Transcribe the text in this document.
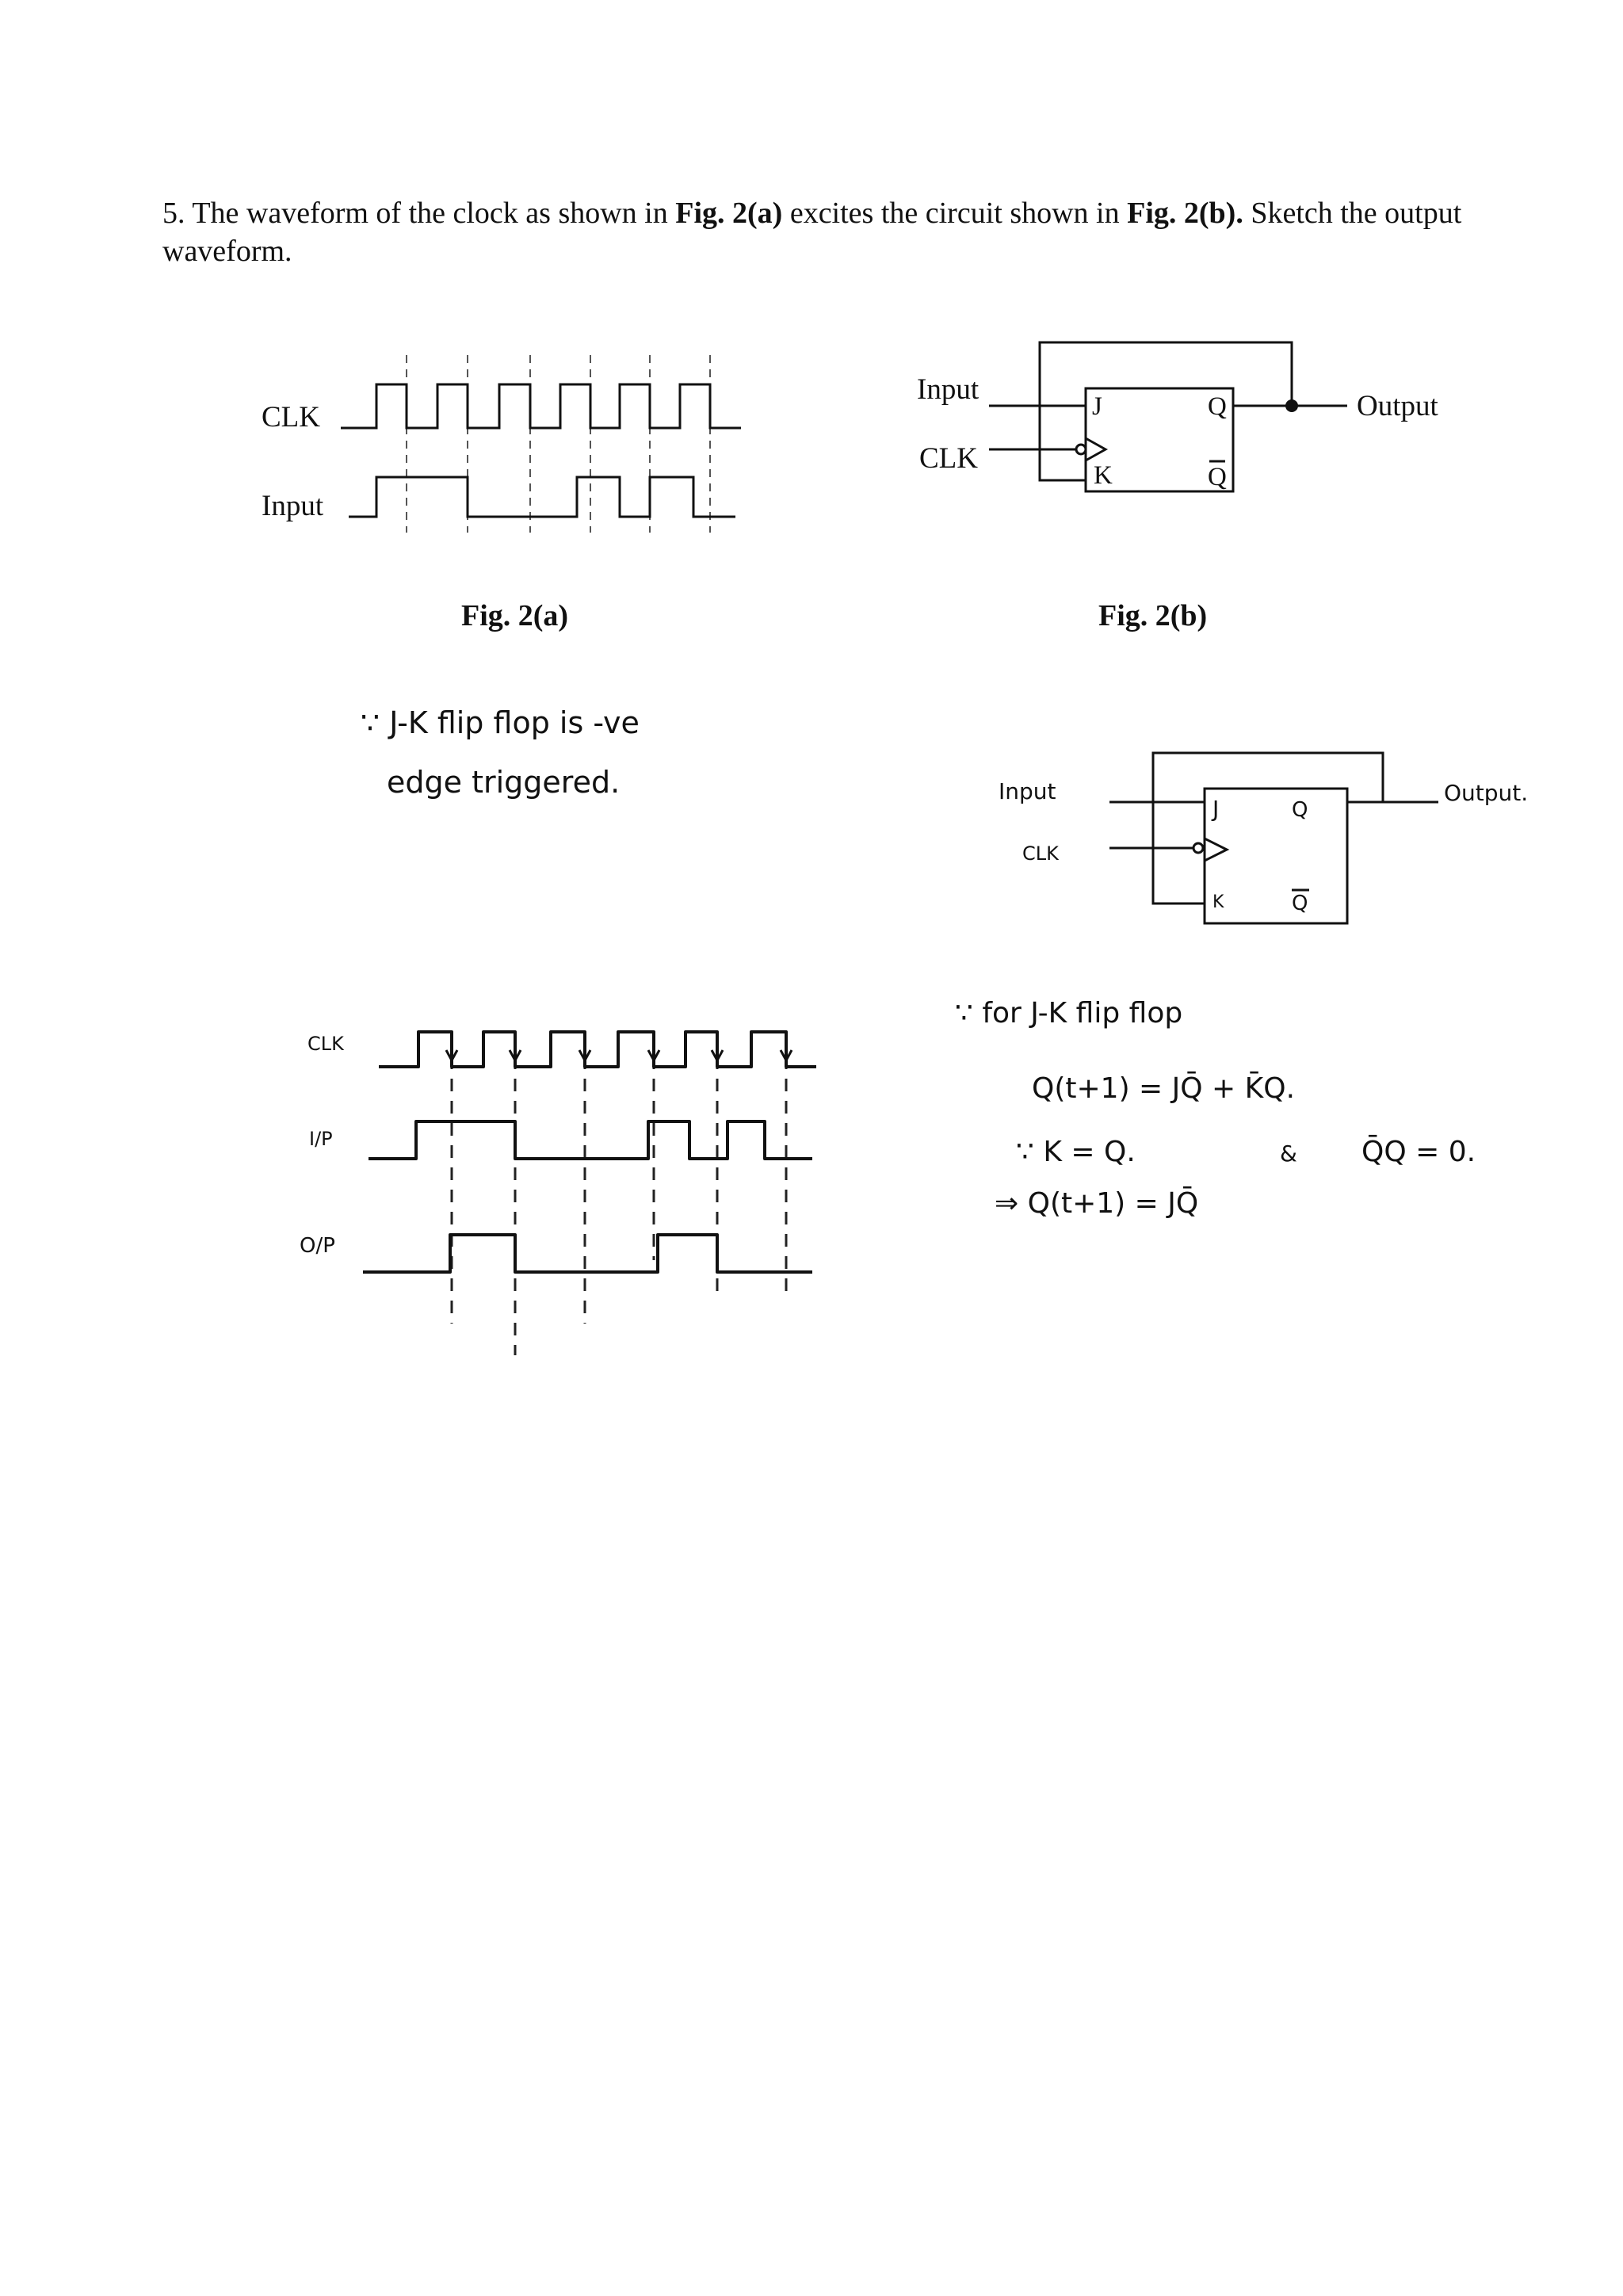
5. The waveform of the clock as shown in Fig. 2(a) excites the circuit shown in Fig. 2(b). Sketch the output waveform.
CLK
Input
Input
CLK
Output
J
K
Q
Q
∵ J-K flip flop is -ve
edge triggered.
CLK
I/P
O/P
Input
CLK
Output.
J
K
Q
Q
∵ for J-K flip flop
Q(t+1) = JQ̄ + K̄Q.
∵ K = Q.	& Q̄Q = 0.
⇒ Q(t+1) = JQ̄
Fig. 2(a)	Fig. 2(b)
